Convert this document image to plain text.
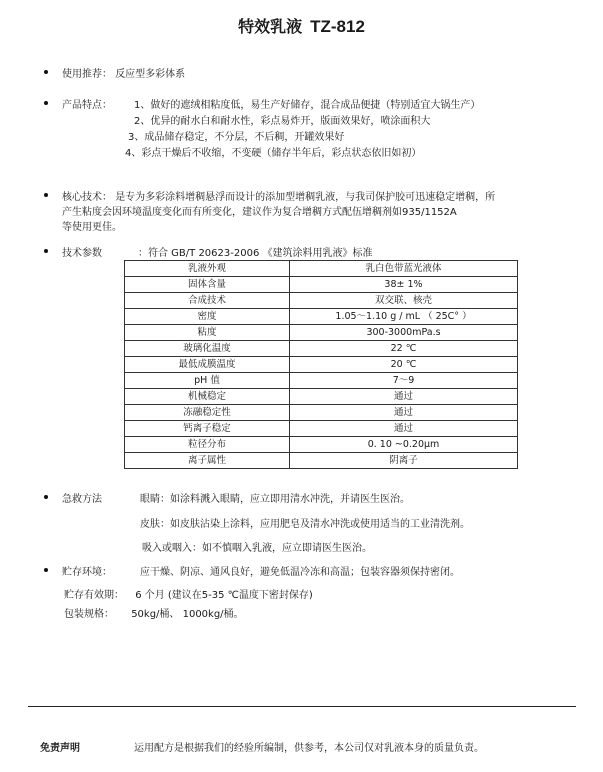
特效乳液 TZ-812
使用推荐： 反应型多彩体系
产品特点： 1、做好的遮绒相粘度低，易生产好储存，混合成品便捷（特别适宜大锅生产）
2、优异的耐水白和耐水性，彩点易炸开，版面效果好，喷涂面积大
3、成品储存稳定，不分层，不后稠，开罐效果好
4、彩点干燥后不收缩，不变硬（储存半年后，彩点状态依旧如初）
核心技术： 是专为多彩涂料增稠悬浮而设计的添加型增稠乳液，与我司保护胶可迅速稳定增稠，所
产生粘度会因环境温度变化而有所变化，建议作为复合增稠方式配伍增稠剂如935/1152A
等使用更佳。
技术参数	：符合 GB/T 20623-2006 《建筑涂料用乳液》标准
乳液外观	乳白色带蓝光液体
固体含量	38± 1%
合成技术	双交联、核壳
密度	1.05～1.10 g / mL （ 25C° ）
粘度	300-3000mPa.s
玻璃化温度	22 ℃
最低成膜温度	20 ℃
pH 值	7～9
机械稳定	通过
冻融稳定性	通过
钙离子稳定	通过
粒径分布	0. 10 ~0.20μm
离子属性	阴离子
急救方法	眼睛：如涂料溅入眼睛，应立即用清水冲洗，并请医生医治。
皮肤：如皮肤沾染上涂料，应用肥皂及清水冲洗或使用适当的工业清洗剂。
吸入或咽入：如不慎咽入乳液，应立即请医生医治。
贮存环境：	应干燥、阴凉、通风良好，避免低温冷冻和高温；包装容器须保持密闭。
贮存有效期： 6 个月 (建议在5-35 ℃温度下密封保存)
包装规格： 50kg/桶、 1000kg/桶。
免责声明	运用配方是根据我们的经验所编制，供参考，本公司仅对乳液本身的质量负责。
